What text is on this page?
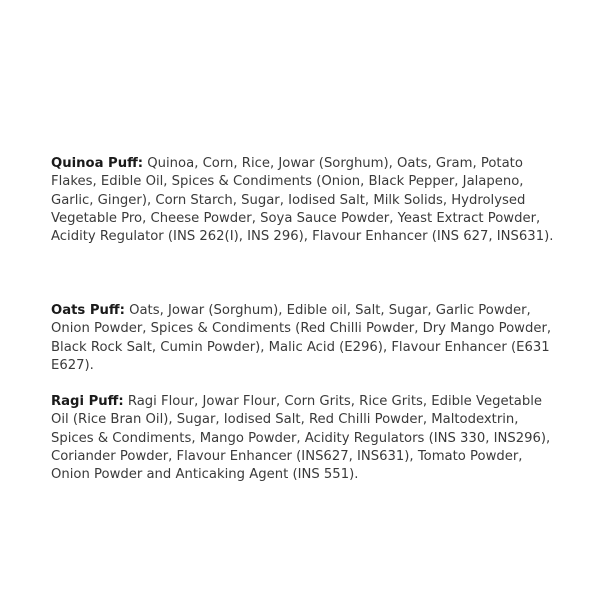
Quinoa Puff: Quinoa, Corn, Rice, Jowar (Sorghum), Oats, Gram, Potato Flakes, Edible Oil, Spices & Condiments (Onion, Black Pepper, Jalapeno, Garlic, Ginger), Corn Starch, Sugar, Iodised Salt, Milk Solids, Hydrolysed Vegetable Pro, Cheese Powder, Soya Sauce Powder, Yeast Extract Powder, Acidity Regulator (INS 262(I), INS 296), Flavour Enhancer (INS 627, INS631).

Oats Puff: Oats, Jowar (Sorghum), Edible oil, Salt, Sugar, Garlic Powder, Onion Powder, Spices & Condiments (Red Chilli Powder, Dry Mango Powder, Black Rock Salt, Cumin Powder), Malic Acid (E296), Flavour Enhancer (E631 E627).

Ragi Puff: Ragi Flour, Jowar Flour, Corn Grits, Rice Grits, Edible Vegetable Oil (Rice Bran Oil), Sugar, Iodised Salt, Red Chilli Powder, Maltodextrin, Spices & Condiments, Mango Powder, Acidity Regulators (INS 330, INS296), Coriander Powder, Flavour Enhancer (INS627, INS631), Tomato Powder, Onion Powder and Anticaking Agent (INS 551).
